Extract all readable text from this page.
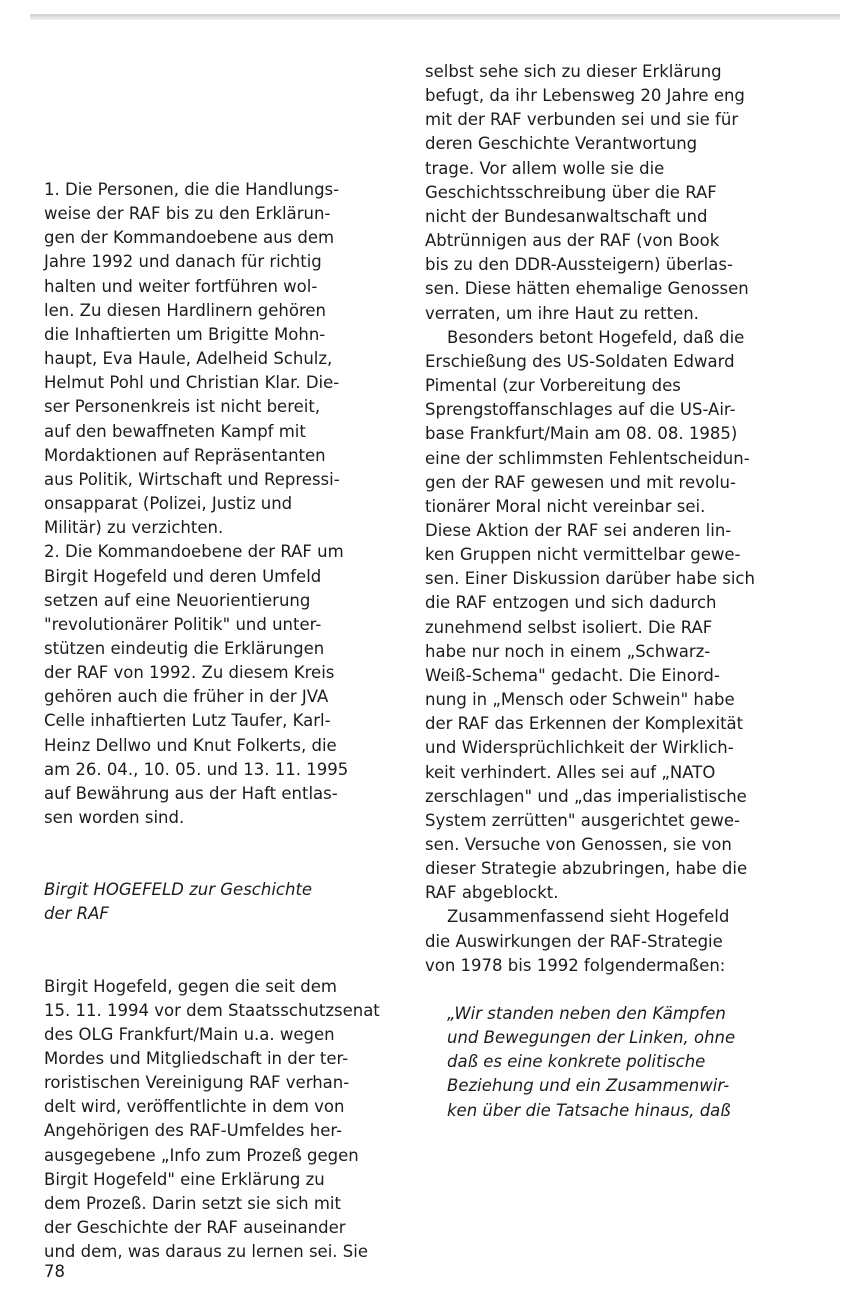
1. Die Personen, die die Handlungs-
weise der RAF bis zu den Erklärun-
gen der Kommandoebene aus dem
Jahre 1992 und danach für richtig
halten und weiter fortführen wol-
len. Zu diesen Hardlinern gehören
die Inhaftierten um Brigitte Mohn-
haupt, Eva Haule, Adelheid Schulz,
Helmut Pohl und Christian Klar. Die-
ser Personenkreis ist nicht bereit,
auf den bewaffneten Kampf mit
Mordaktionen auf Repräsentanten
aus Politik, Wirtschaft und Repressi-
onsapparat (Polizei, Justiz und
Militär) zu verzichten.

2. Die Kommandoebene der RAF um
Birgit Hogefeld und deren Umfeld
setzen auf eine Neuorientierung
"revolutionärer Politik" und unter-
stützen eindeutig die Erklärungen
der RAF von 1992. Zu diesem Kreis
gehören auch die früher in der JVA
Celle inhaftierten Lutz Taufer, Karl-
Heinz Dellwo und Knut Folkerts, die
am 26. 04., 10. 05. und 13. 11. 1995
auf Bewährung aus der Haft entlas-
sen worden sind.

Birgit HOGEFELD zur Geschichte
der RAF

Birgit Hogefeld, gegen die seit dem
15. 11. 1994 vor dem Staatsschutzsenat
des OLG Frankfurt/Main u.a. wegen
Mordes und Mitgliedschaft in der ter-
roristischen Vereinigung RAF verhan-
delt wird, veröffentlichte in dem von
Angehörigen des RAF-Umfeldes her-
ausgegebene „Info zum Prozeß gegen
Birgit Hogefeld" eine Erklärung zu
dem Prozeß. Darin setzt sie sich mit
der Geschichte der RAF auseinander
und dem, was daraus zu lernen sei. Sie

selbst sehe sich zu dieser Erklärung
befugt, da ihr Lebensweg 20 Jahre eng
mit der RAF verbunden sei und sie für
deren Geschichte Verantwortung
trage. Vor allem wolle sie die
Geschichtsschreibung über die RAF
nicht der Bundesanwaltschaft und
Abtrünnigen aus der RAF (von Book
bis zu den DDR-Aussteigern) überlas-
sen. Diese hätten ehemalige Genossen
verraten, um ihre Haut zu retten.

Besonders betont Hogefeld, daß die
Erschießung des US-Soldaten Edward
Pimental (zur Vorbereitung des
Sprengstoffanschlages auf die US-Air-
base Frankfurt/Main am 08. 08. 1985)
eine der schlimmsten Fehlentscheidun-
gen der RAF gewesen und mit revolu-
tionärer Moral nicht vereinbar sei.
Diese Aktion der RAF sei anderen lin-
ken Gruppen nicht vermittelbar gewe-
sen. Einer Diskussion darüber habe sich
die RAF entzogen und sich dadurch
zunehmend selbst isoliert. Die RAF
habe nur noch in einem „Schwarz-
Weiß-Schema" gedacht. Die Einord-
nung in „Mensch oder Schwein" habe
der RAF das Erkennen der Komplexität
und Widersprüchlichkeit der Wirklich-
keit verhindert. Alles sei auf „NATO
zerschlagen" und „das imperialistische
System zerrütten" ausgerichtet gewe-
sen. Versuche von Genossen, sie von
dieser Strategie abzubringen, habe die
RAF abgeblockt.

Zusammenfassend sieht Hogefeld
die Auswirkungen der RAF-Strategie
von 1978 bis 1992 folgendermaßen:

„Wir standen neben den Kämpfen
und Bewegungen der Linken, ohne
daß es eine konkrete politische
Beziehung und ein Zusammenwir-
ken über die Tatsache hinaus, daß

78
